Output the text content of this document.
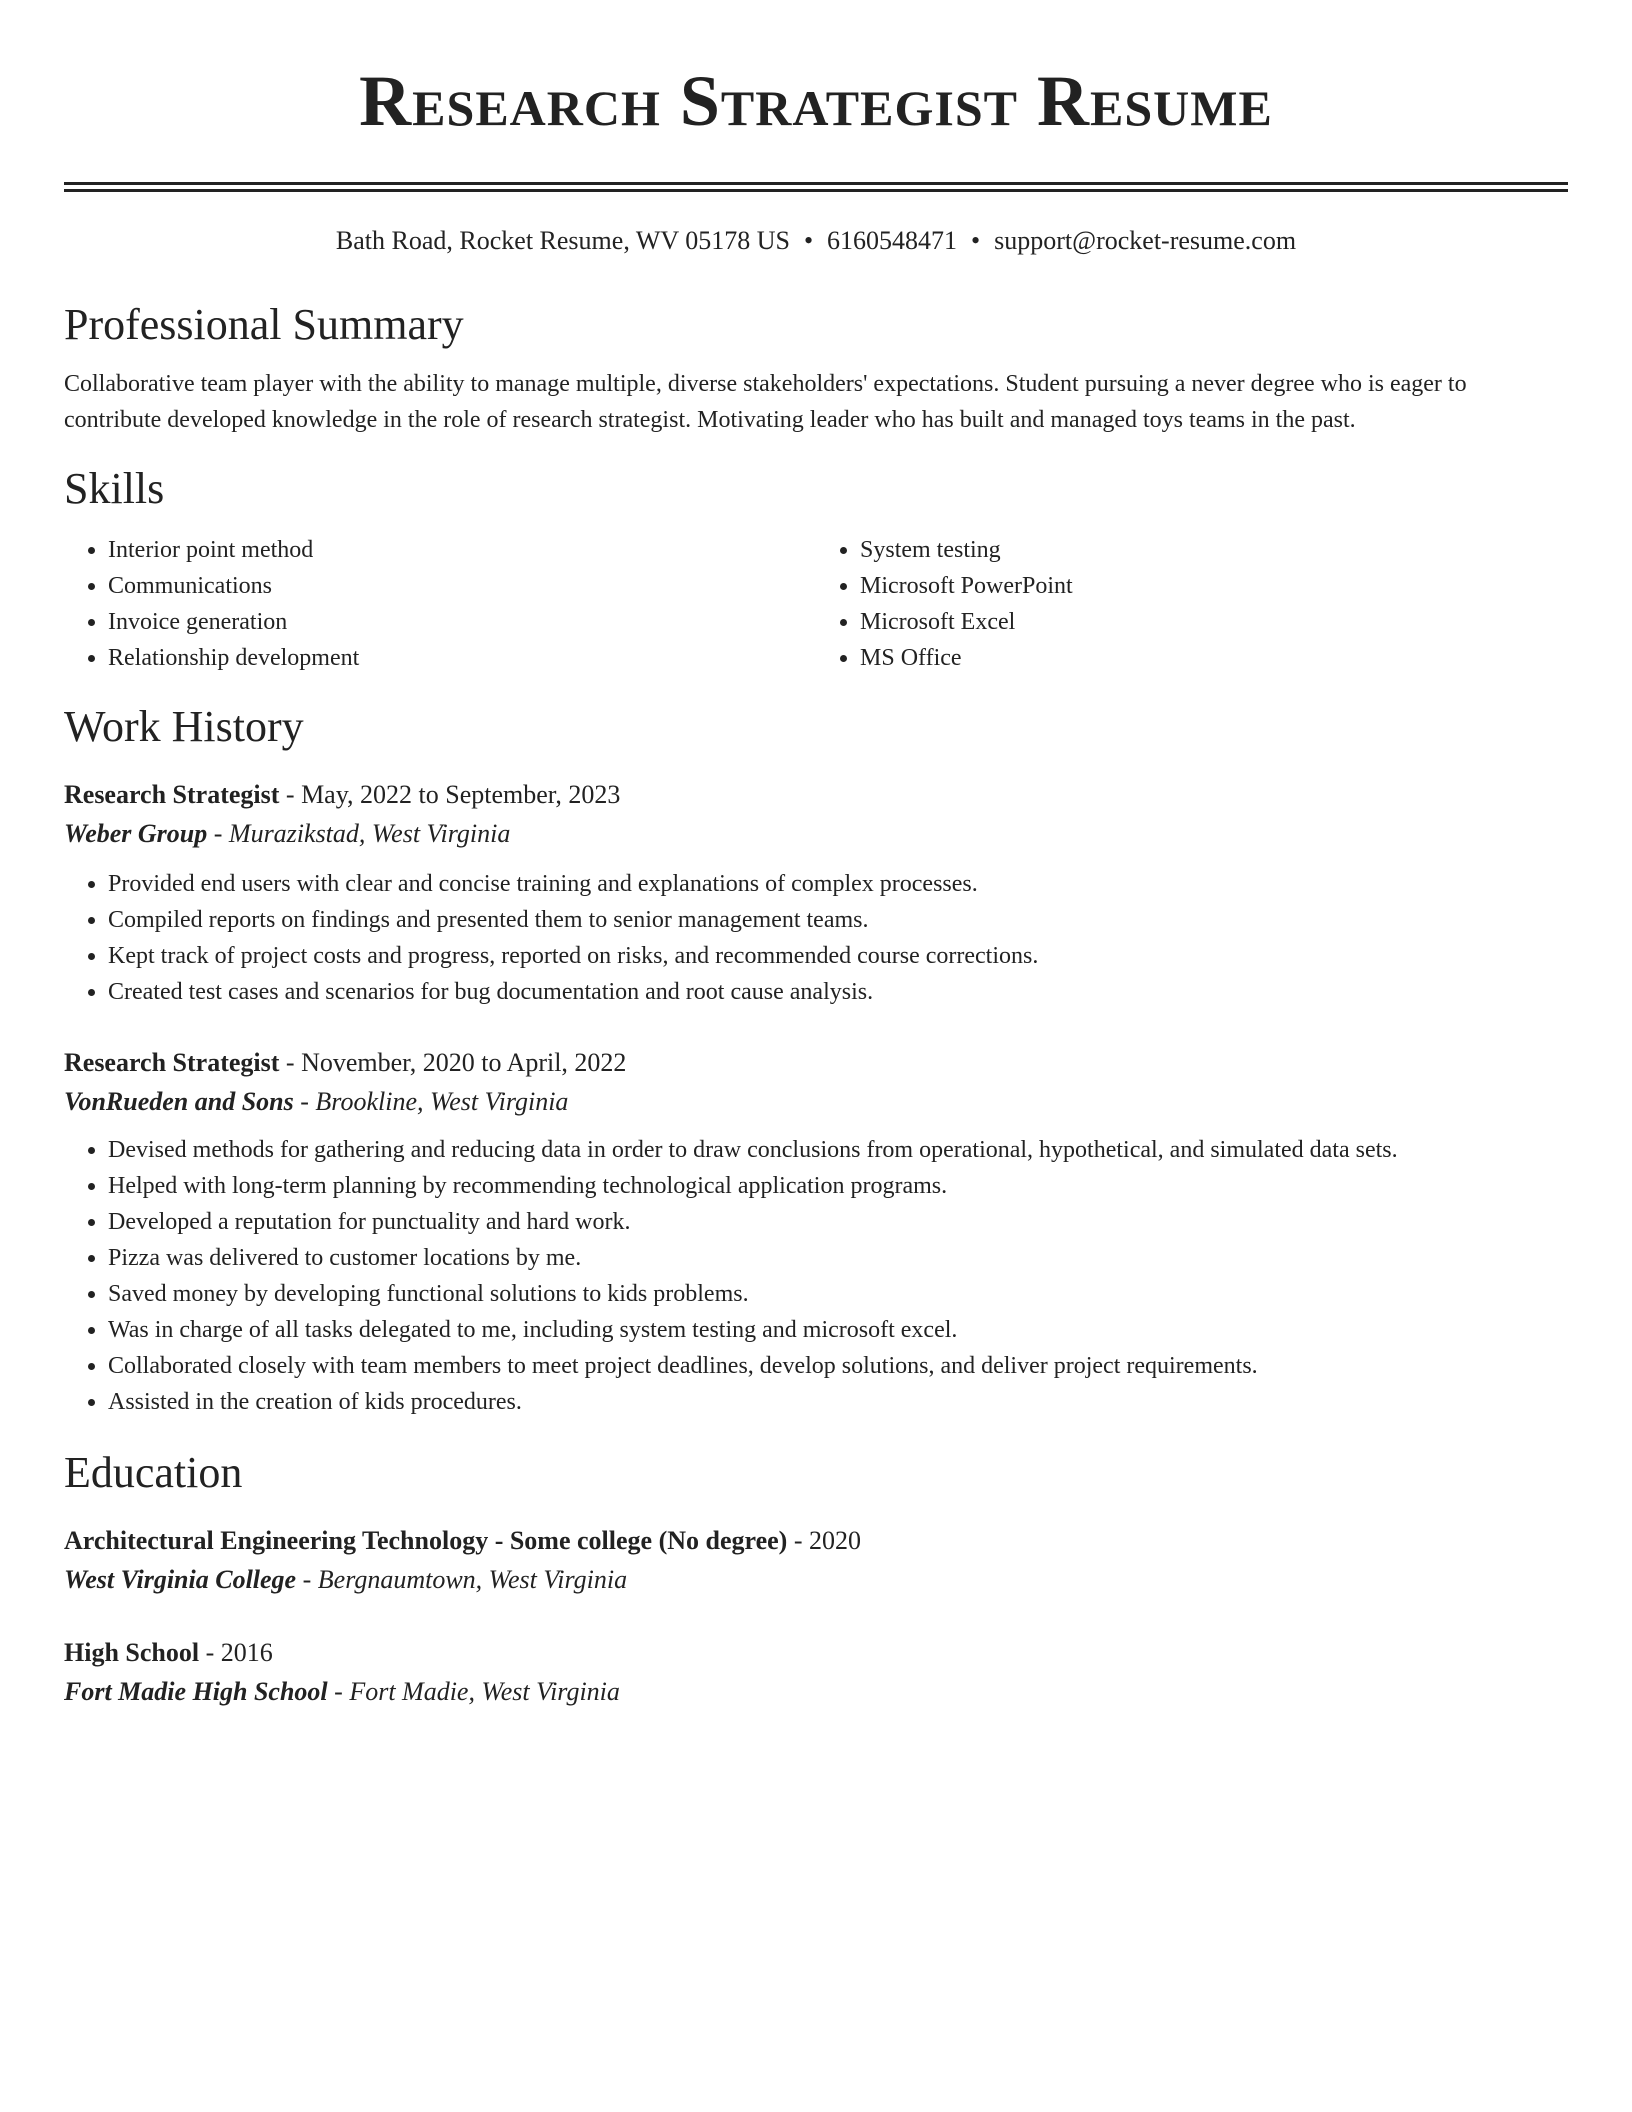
Research Strategist Resume
Bath Road, Rocket Resume, WV 05178 US • 6160548471 • support@rocket-resume.com
Professional Summary

Collaborative team player with the ability to manage multiple, diverse stakeholders' expectations. Student pursuing a never degree who is eager to contribute developed knowledge in the role of research strategist. Motivating leader who has built and managed toys teams in the past.

Skills
• Interior point method
• Communications
• Invoice generation
• Relationship development
• System testing
• Microsoft PowerPoint
• Microsoft Excel
• MS Office
Work History
Research Strategist - May, 2022 to September, 2023
Weber Group - Murazikstad, West Virginia
• Provided end users with clear and concise training and explanations of complex processes.
• Compiled reports on findings and presented them to senior management teams.
• Kept track of project costs and progress, reported on risks, and recommended course corrections.
• Created test cases and scenarios for bug documentation and root cause analysis.
Research Strategist - November, 2020 to April, 2022
VonRueden and Sons - Brookline, West Virginia
• Devised methods for gathering and reducing data in order to draw conclusions from operational, hypothetical, and simulated data sets.
• Helped with long-term planning by recommending technological application programs.
• Developed a reputation for punctuality and hard work.
• Pizza was delivered to customer locations by me.
• Saved money by developing functional solutions to kids problems.
• Was in charge of all tasks delegated to me, including system testing and microsoft excel.
• Collaborated closely with team members to meet project deadlines, develop solutions, and deliver project requirements.
• Assisted in the creation of kids procedures.
Education
Architectural Engineering Technology - Some college (No degree) - 2020
West Virginia College - Bergnaumtown, West Virginia
High School - 2016
Fort Madie High School - Fort Madie, West Virginia
